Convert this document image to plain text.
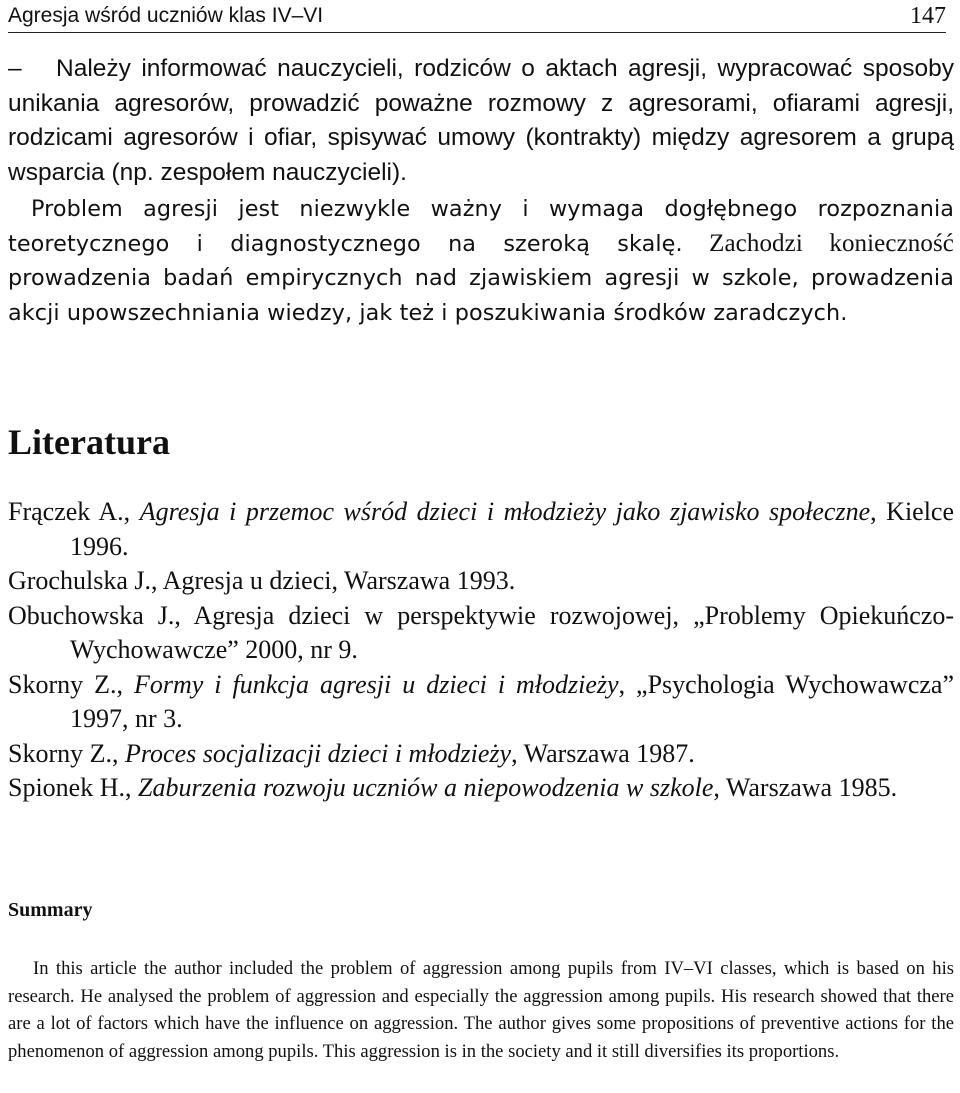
Agresja wśród uczniów klas IV–VI	147

– Należy informować nauczycieli, rodziców o aktach agresji, wypracować sposoby unikania agresorów, prowadzić poważne rozmowy z agresorami, ofiarami agresji, rodzicami agresorów i ofiar, spisywać umowy (kontrakty) między agresorem a grupą wsparcia (np. zespołem nauczycieli).

Problem agresji jest niezwykle ważny i wymaga dogłębnego rozpoznania teoretycznego i diagnostycznego na szeroką skalę. Zachodzi konieczność prowadzenia badań empirycznych nad zjawiskiem agresji w szkole, prowadzenia akcji upowszechniania wiedzy, jak też i poszukiwania środków zaradczych.

Literatura
Frączek A., Agresja i przemoc wśród dzieci i młodzieży jako zjawisko społeczne, Kielce 1996.
Grochulska J., Agresja u dzieci, Warszawa 1993.
Obuchowska J., Agresja dzieci w perspektywie rozwojowej, „Problemy Opiekuńczo-Wychowawcze” 2000, nr 9.
Skorny Z., Formy i funkcja agresji u dzieci i młodzieży, „Psychologia Wychowawcza” 1997, nr 3.
Skorny Z., Proces socjalizacji dzieci i młodzieży, Warszawa 1987.
Spionek H., Zaburzenia rozwoju uczniów a niepowodzenia w szkole, Warszawa 1985.
Summary

In this article the author included the problem of aggression among pupils from IV–VI classes, which is based on his research. He analysed the problem of aggression and especially the aggression among pupils. His research showed that there are a lot of factors which have the influence on aggression. The author gives some propositions of preventive actions for the phenomenon of aggression among pupils. This aggression is in the society and it still diversifies its proportions.
